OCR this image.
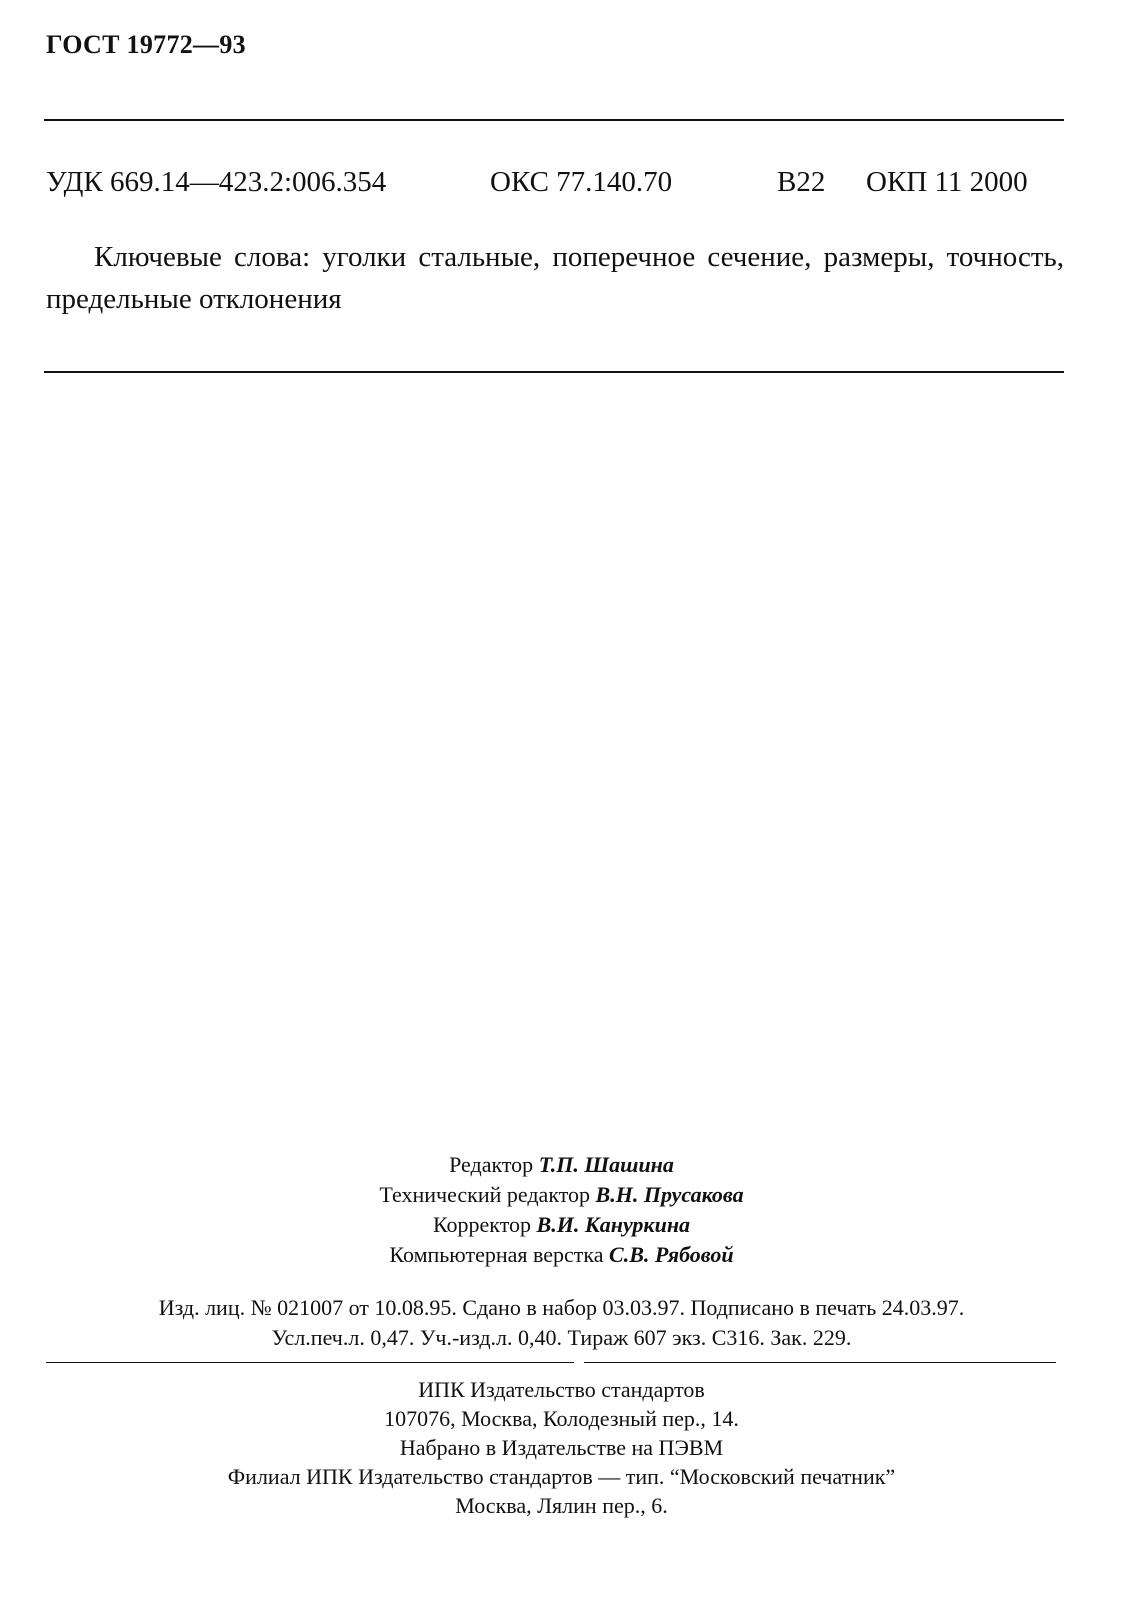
ГОСТ 19772—93
УДК 669.14—423.2:006.354	ОКС 77.140.70	В22 ОКП 11 2000
Ключевые слова: уголки стальные, поперечное сечение, размеры, точность, предельные отклонения
Редактор Т.П. Шашина
Технический редактор В.Н. Прусакова
Корректор В.И. Кануркина
Компьютерная верстка С.В. Рябовой
Изд. лиц. № 021007 от 10.08.95. Сдано в набор 03.03.97. Подписано в печать 24.03.97.
Усл.печ.л. 0,47. Уч.-изд.л. 0,40. Тираж 607 экз. С316. Зак. 229.
ИПК Издательство стандартов
107076, Москва, Колодезный пер., 14.
Набрано в Издательстве на ПЭВМ
Филиал ИПК Издательство стандартов — тип. “Московский печатник”
Москва, Лялин пер., 6.
